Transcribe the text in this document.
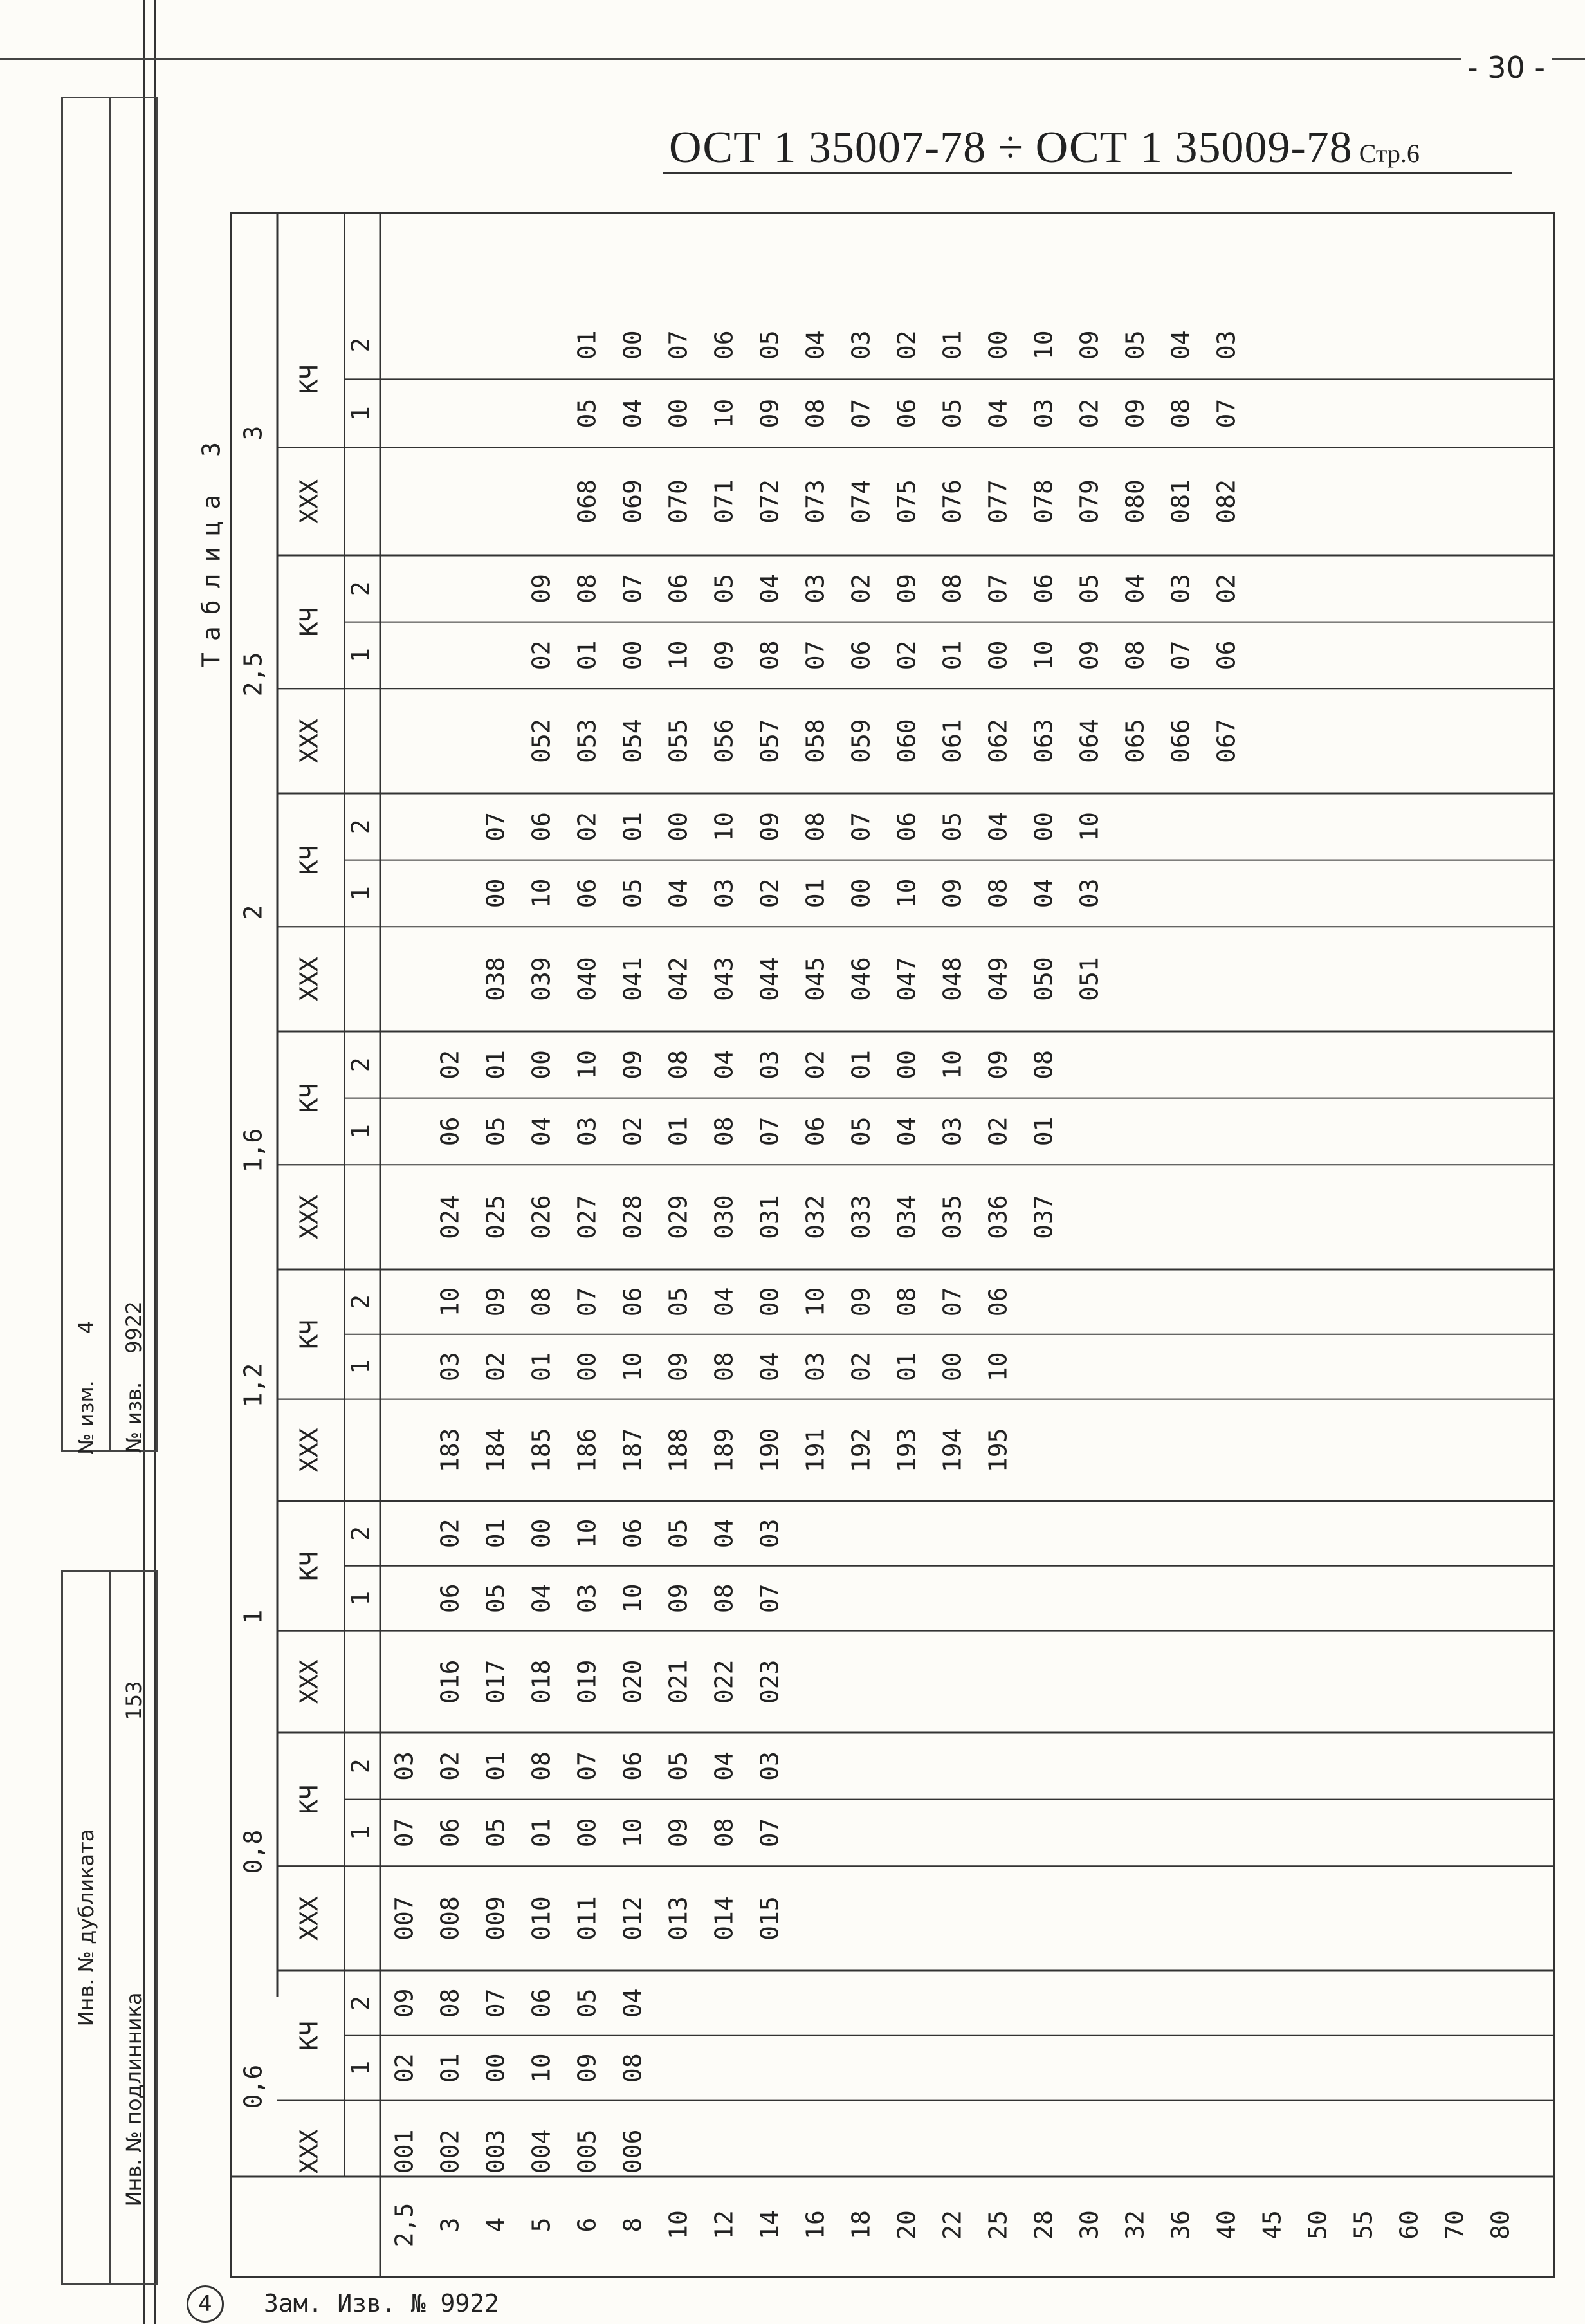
- 30 -
Инв. № дубликата
Инв. № подлинника
153
№ изм.
4
№ изв.
9922
4	Зам. Изв. № 9922
ОСТ 1 35007-78 ÷ ОСТ 1 35009-78 Стр.6
Таблица 3
0,6
ХХХ
КЧ
1
2
001 002 003 004 005 006
02 01 00 10 09 08
09 08 07 06 05 04
0,8
ХХХ
КЧ
1
2
007 008 009 010 011 012 013 014 015
07 06 05 01 00 10 09 08 07
03 02 01 08 07 06 05 04 03
1
ХХХ
КЧ
1
2
016 017 018 019 020 021 022 023
06 05 04 03 10 09 08 07
02 01 00 10 06 05 04 03
1,2
ХХХ
КЧ
1
2
183 184 185 186 187 188 189 190 191 192 193 194 195
03 02 01 00 10 09 08 04 03 02 01 00 10
10 09 08 07 06 05 04 00 10 09 08 07 06
1,6
ХХХ
КЧ
1
2
024 025 026 027 028 029 030 031 032 033 034 035 036 037
06 05 04 03 02 01 08 07 06 05 04 03 02 01
02 01 00 10 09 08 04 03 02 01 00 10 09 08
2
ХХХ
КЧ
1
2
038 039 040 041 042 043 044 045 046 047 048 049 050 051
00 10 06 05 04 03 02 01 00 10 09 08 04 03
07 06 02 01 00 10 09 08 07 06 05 04 00 10
2,5
ХХХ
КЧ
1
2
052 053 054 055 056 057 058 059 060 061 062 063 064 065 066 067
02 01 00 10 09 08 07 06 02 01 00 10 09 08 07 06
09 08 07 06 05 04 03 02 09 08 07 06 05 04 03 02
3
ХХХ
КЧ
1
2
068 069 070 071 072 073 074 075 076 077 078 079 080 081 082
05 04 00 10 09 08 07 06 05 04 03 02 09 08 07
01 00 07 06 05 04 03 02 01 00 10 09 05 04 03
2,5 3 4 5 6 8 10 12 14 16 18 20 22 25 28 30 32 36 40 45 50 55 60 70 80
